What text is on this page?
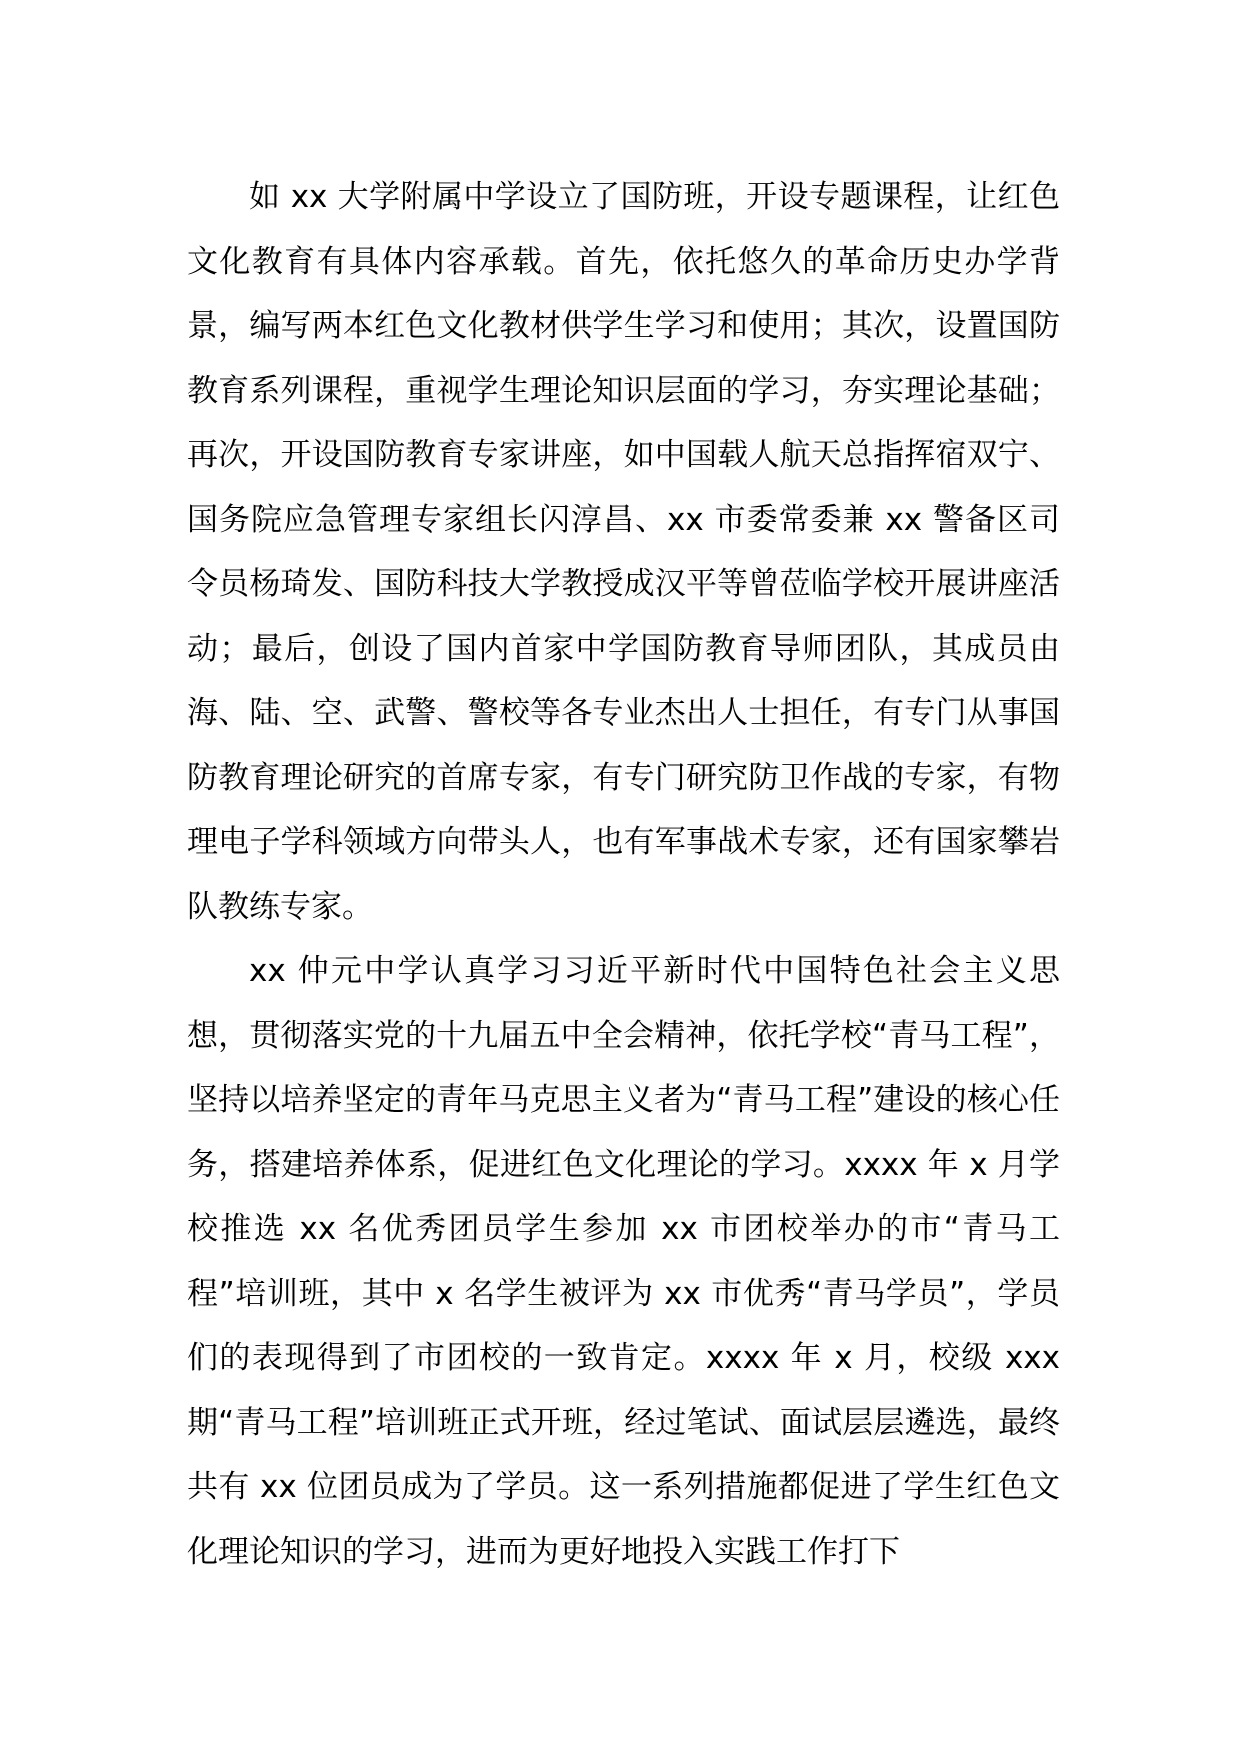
如 xx 大学附属中学设立了国防班，开设专题课程，让红色文化教育有具体内容承载。首先，依托悠久的革命历史办学背景，编写两本红色文化教材供学生学习和使用；其次，设置国防教育系列课程，重视学生理论知识层面的学习，夯实理论基础；再次，开设国防教育专家讲座，如中国载人航天总指挥宿双宁、国务院应急管理专家组长闪淳昌、xx 市委常委兼 xx 警备区司令员杨琦发、国防科技大学教授成汉平等曾莅临学校开展讲座活动；最后，创设了国内首家中学国防教育导师团队，其成员由海、陆、空、武警、警校等各专业杰出人士担任，有专门从事国防教育理论研究的首席专家，有专门研究防卫作战的专家，有物理电子学科领域方向带头人，也有军事战术专家，还有国家攀岩队教练专家。

xx 仲元中学认真学习习近平新时代中国特色社会主义思想，贯彻落实党的十九届五中全会精神，依托学校“青马工程”，坚持以培养坚定的青年马克思主义者为“青马工程”建设的核心任务，搭建培养体系，促进红色文化理论的学习。xxxx 年 x 月学校推选 xx 名优秀团员学生参加 xx 市团校举办的市“青马工程”培训班，其中 x 名学生被评为 xx 市优秀“青马学员”，学员们的表现得到了市团校的一致肯定。xxxx 年 x 月，校级 xxx 期“青马工程”培训班正式开班，经过笔试、面试层层遴选，最终共有 xx 位团员成为了学员。这一系列措施都促进了学生红色文化理论知识的学习，进而为更好地投入实践工作打下
